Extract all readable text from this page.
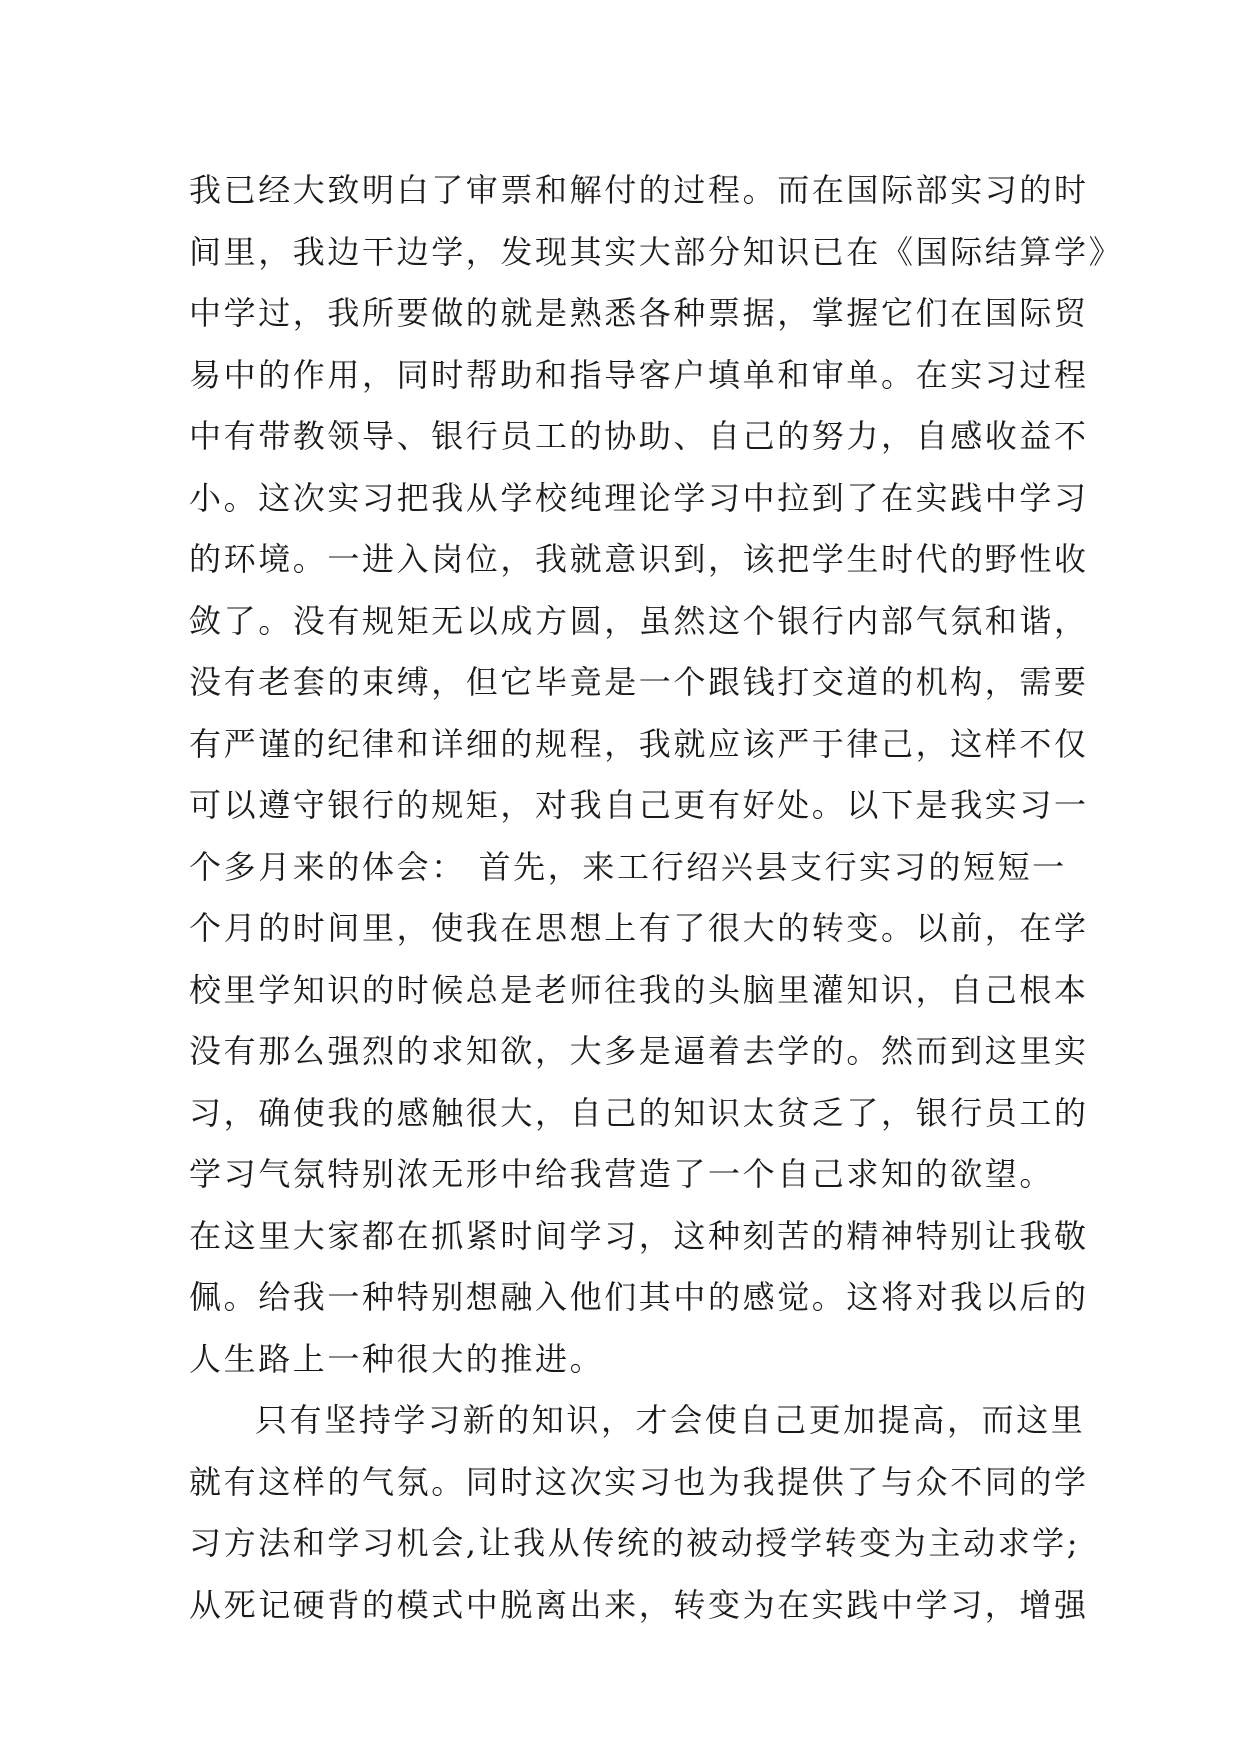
我已经大致明白了审票和解付的过程。而在国际部实习的时
间里，我边干边学，发现其实大部分知识已在《国际结算学》
中学过，我所要做的就是熟悉各种票据，掌握它们在国际贸
易中的作用，同时帮助和指导客户填单和审单。在实习过程
中有带教领导、银行员工的协助、自己的努力，自感收益不
小。这次实习把我从学校纯理论学习中拉到了在实践中学习
的环境。一进入岗位，我就意识到，该把学生时代的野性收
敛了。没有规矩无以成方圆，虽然这个银行内部气氛和谐，
没有老套的束缚，但它毕竟是一个跟钱打交道的机构，需要
有严谨的纪律和详细的规程，我就应该严于律己，这样不仅
可以遵守银行的规矩，对我自己更有好处。以下是我实习一
个多月来的体会： 首先，来工行绍兴县支行实习的短短一
个月的时间里，使我在思想上有了很大的转变。以前，在学
校里学知识的时候总是老师往我的头脑里灌知识，自己根本
没有那么强烈的求知欲，大多是逼着去学的。然而到这里实
习，确使我的感触很大，自己的知识太贫乏了，银行员工的
学习气氛特别浓无形中给我营造了一个自己求知的欲望。
在这里大家都在抓紧时间学习，这种刻苦的精神特别让我敬
佩。给我一种特别想融入他们其中的感觉。这将对我以后的
人生路上一种很大的推进。
只有坚持学习新的知识，才会使自己更加提高，而这里
就有这样的气氛。同时这次实习也为我提供了与众不同的学
习方法和学习机会,让我从传统的被动授学转变为主动求学;
从死记硬背的模式中脱离出来，转变为在实践中学习，增强
